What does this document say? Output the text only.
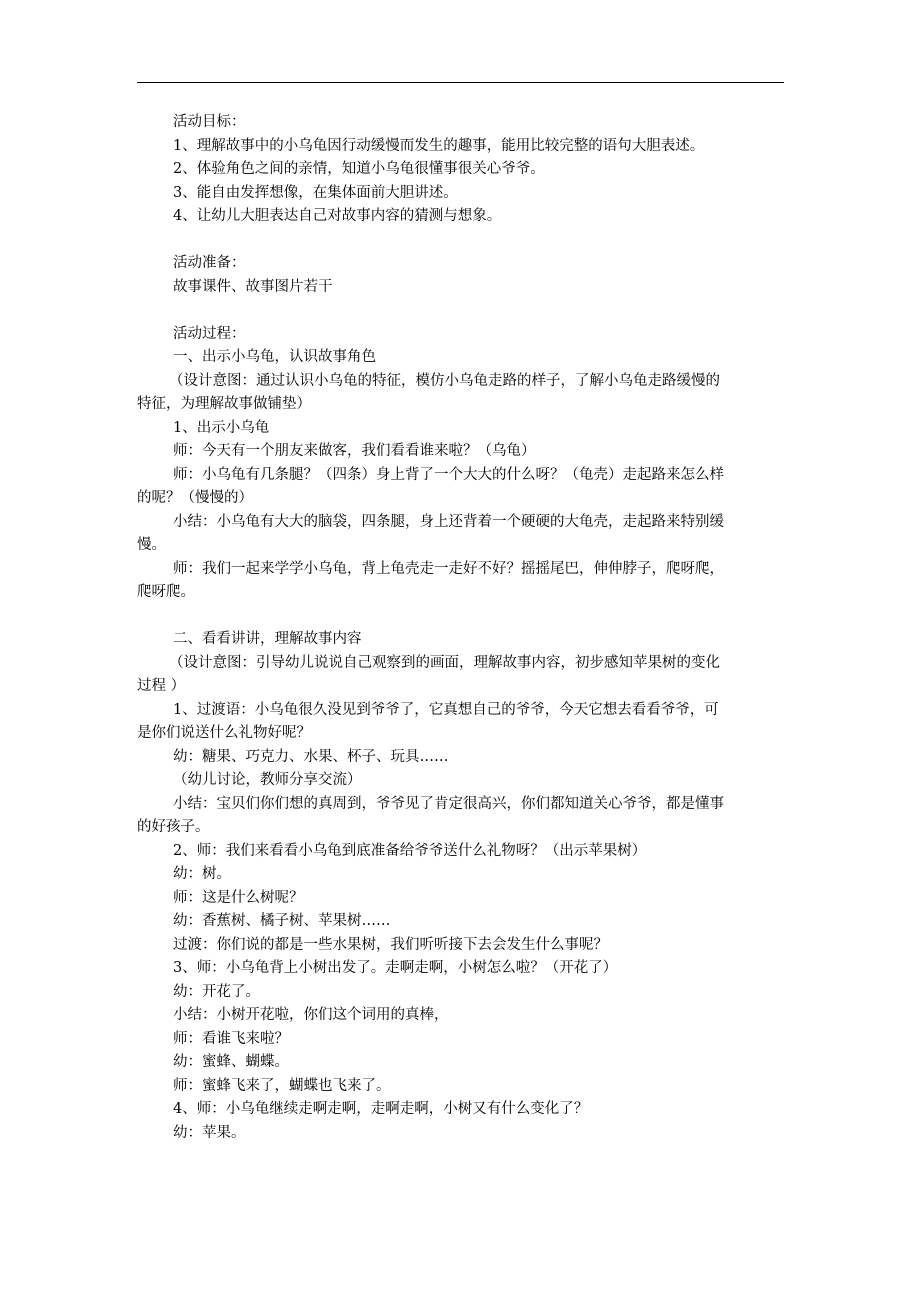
活动目标：

1、理解故事中的小乌龟因行动缓慢而发生的趣事，能用比较完整的语句大胆表述。

2、体验角色之间的亲情，知道小乌龟很懂事很关心爷爷。

3、能自由发挥想像，在集体面前大胆讲述。

4、让幼儿大胆表达自己对故事内容的猜测与想象。

活动准备：

故事课件、故事图片若干

活动过程：

一、出示小乌龟，认识故事角色

（设计意图：通过认识小乌龟的特征，模仿小乌龟走路的样子，了解小乌龟走路缓慢的

特征，为理解故事做铺垫）

1、出示小乌龟

师：今天有一个朋友来做客，我们看看谁来啦？（乌龟）

师：小乌龟有几条腿？（四条）身上背了一个大大的什么呀？（龟壳）走起路来怎么样

的呢？（慢慢的）

小结：小乌龟有大大的脑袋，四条腿，身上还背着一个硬硬的大龟壳，走起路来特别缓

慢。

师：我们一起来学学小乌龟，背上龟壳走一走好不好？摇摇尾巴，伸伸脖子，爬呀爬，

爬呀爬。

二、看看讲讲，理解故事内容

（设计意图：引导幼儿说说自己观察到的画面，理解故事内容，初步感知苹果树的变化

过程 ）

1、过渡语：小乌龟很久没见到爷爷了，它真想自己的爷爷，今天它想去看看爷爷，可

是你们说送什么礼物好呢？

幼：糖果、巧克力、水果、杯子、玩具……

（幼儿讨论，教师分享交流）

小结：宝贝们你们想的真周到，爷爷见了肯定很高兴，你们都知道关心爷爷，都是懂事

的好孩子。

2、师：我们来看看小乌龟到底准备给爷爷送什么礼物呀？（出示苹果树）

幼：树。

师：这是什么树呢？

幼：香蕉树、橘子树、苹果树……

过渡：你们说的都是一些水果树，我们听听接下去会发生什么事呢？

3、师：小乌龟背上小树出发了。走啊走啊，小树怎么啦？（开花了）

幼：开花了。

小结：小树开花啦，你们这个词用的真棒，

师：看谁飞来啦？

幼：蜜蜂、蝴蝶。

师：蜜蜂飞来了，蝴蝶也飞来了。

4、师：小乌龟继续走啊走啊，走啊走啊，小树又有什么变化了？

幼：苹果。
